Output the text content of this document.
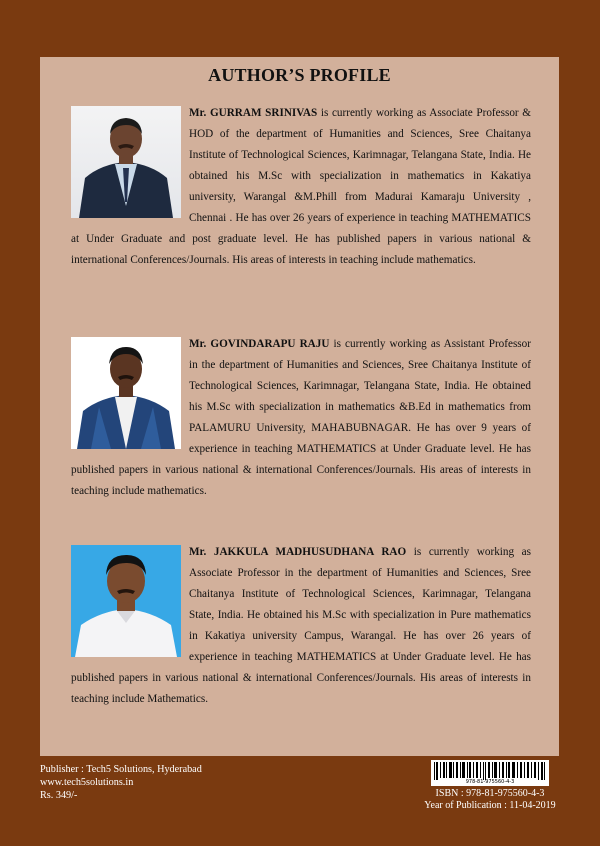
AUTHOR’S PROFILE
Mr. GURRAM SRINIVAS is currently working as Associate Professor & HOD of the department of Humanities and Sciences, Sree Chaitanya Institute of Technological Sciences, Karimnagar, Telangana State, India. He obtained his M.Sc with specialization in mathematics in Kakatiya university, Warangal &M.Phill from Madurai Kamaraju University , Chennai . He has over 26 years of experience in teaching MATHEMATICS at Under Graduate and post graduate level. He has published papers in various national & international Conferences/Journals. His areas of interests in teaching include mathematics.
Mr. GOVINDARAPU RAJU is currently working as Assistant Professor in the department of Humanities and Sciences, Sree Chaitanya Institute of Technological Sciences, Karimnagar, Telangana State, India. He obtained his M.Sc with specialization in mathematics &B.Ed in mathematics from PALAMURU University, MAHABUBNAGAR. He has over 9 years of experience in teaching MATHEMATICS at Under Graduate level. He has published papers in various national & international Conferences/Journals. His areas of interests in teaching include mathematics.
Mr. JAKKULA MADHUSUDHANA RAO is currently working as Associate Professor in the department of Humanities and Sciences, Sree Chaitanya Institute of Technological Sciences, Karimnagar, Telangana State, India. He obtained his M.Sc with specialization in Pure mathematics in Kakatiya university Campus, Warangal. He has over 26 years of experience in teaching MATHEMATICS at Under Graduate level. He has published papers in various national & international Conferences/Journals. His areas of interests in teaching include Mathematics.
Publisher : Tech5 Solutions, Hyderabad
www.tech5solutions.in
Rs. 349/-
978-81-975560-4-3
ISBN : 978-81-975560-4-3
Year of Publication : 11-04-2019
